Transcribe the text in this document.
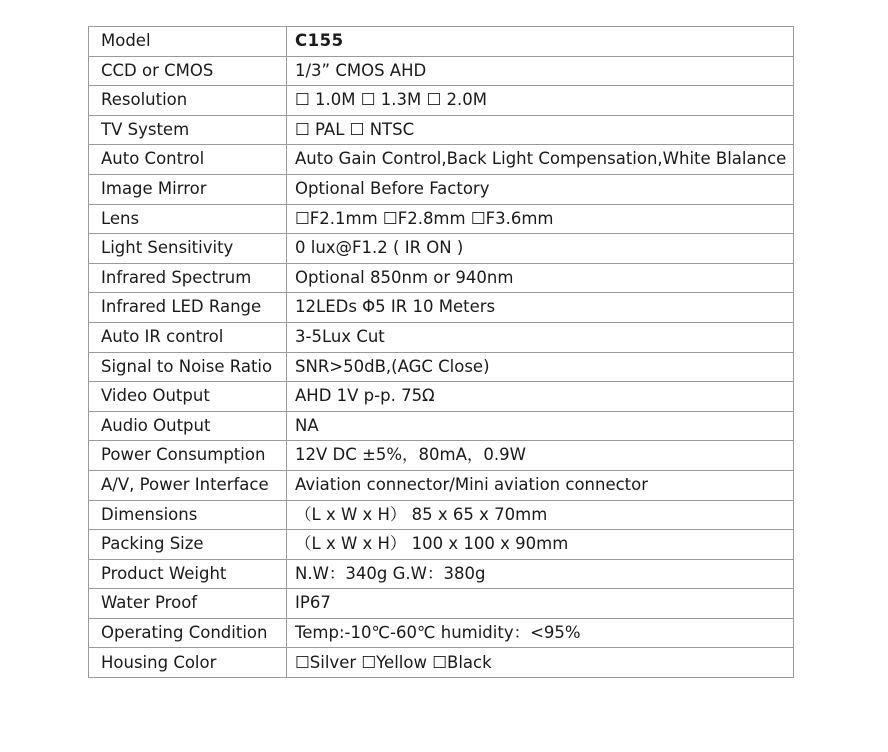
Model	C155
CCD or CMOS	1/3” CMOS AHD
Resolution	☐ 1.0M ☐ 1.3M ☐ 2.0M
TV System	☐ PAL ☐ NTSC
Auto Control	Auto Gain Control,Back Light Compensation,White Blalance
Image Mirror	Optional Before Factory
Lens	☐F2.1mm ☐F2.8mm ☐F3.6mm
Light Sensitivity	0 lux@F1.2 ( IR ON )
Infrared Spectrum	Optional 850nm or 940nm
Infrared LED Range	12LEDs Φ5 IR 10 Meters
Auto IR control	3-5Lux Cut
Signal to Noise Ratio	SNR>50dB,(AGC Close)
Video Output	AHD 1V p-p. 75Ω
Audio Output	NA
Power Consumption	12V DC ±5%，80mA，0.9W
A/V, Power Interface	Aviation connector/Mini aviation connector
Dimensions	（L x W x H） 85 x 65 x 70mm
Packing Size	（L x W x H） 100 x 100 x 90mm
Product Weight	N.W：340g G.W：380g
Water Proof	IP67
Operating Condition	Temp:-10℃-60℃ humidity：<95%
Housing Color	☐Silver ☐Yellow ☐Black
